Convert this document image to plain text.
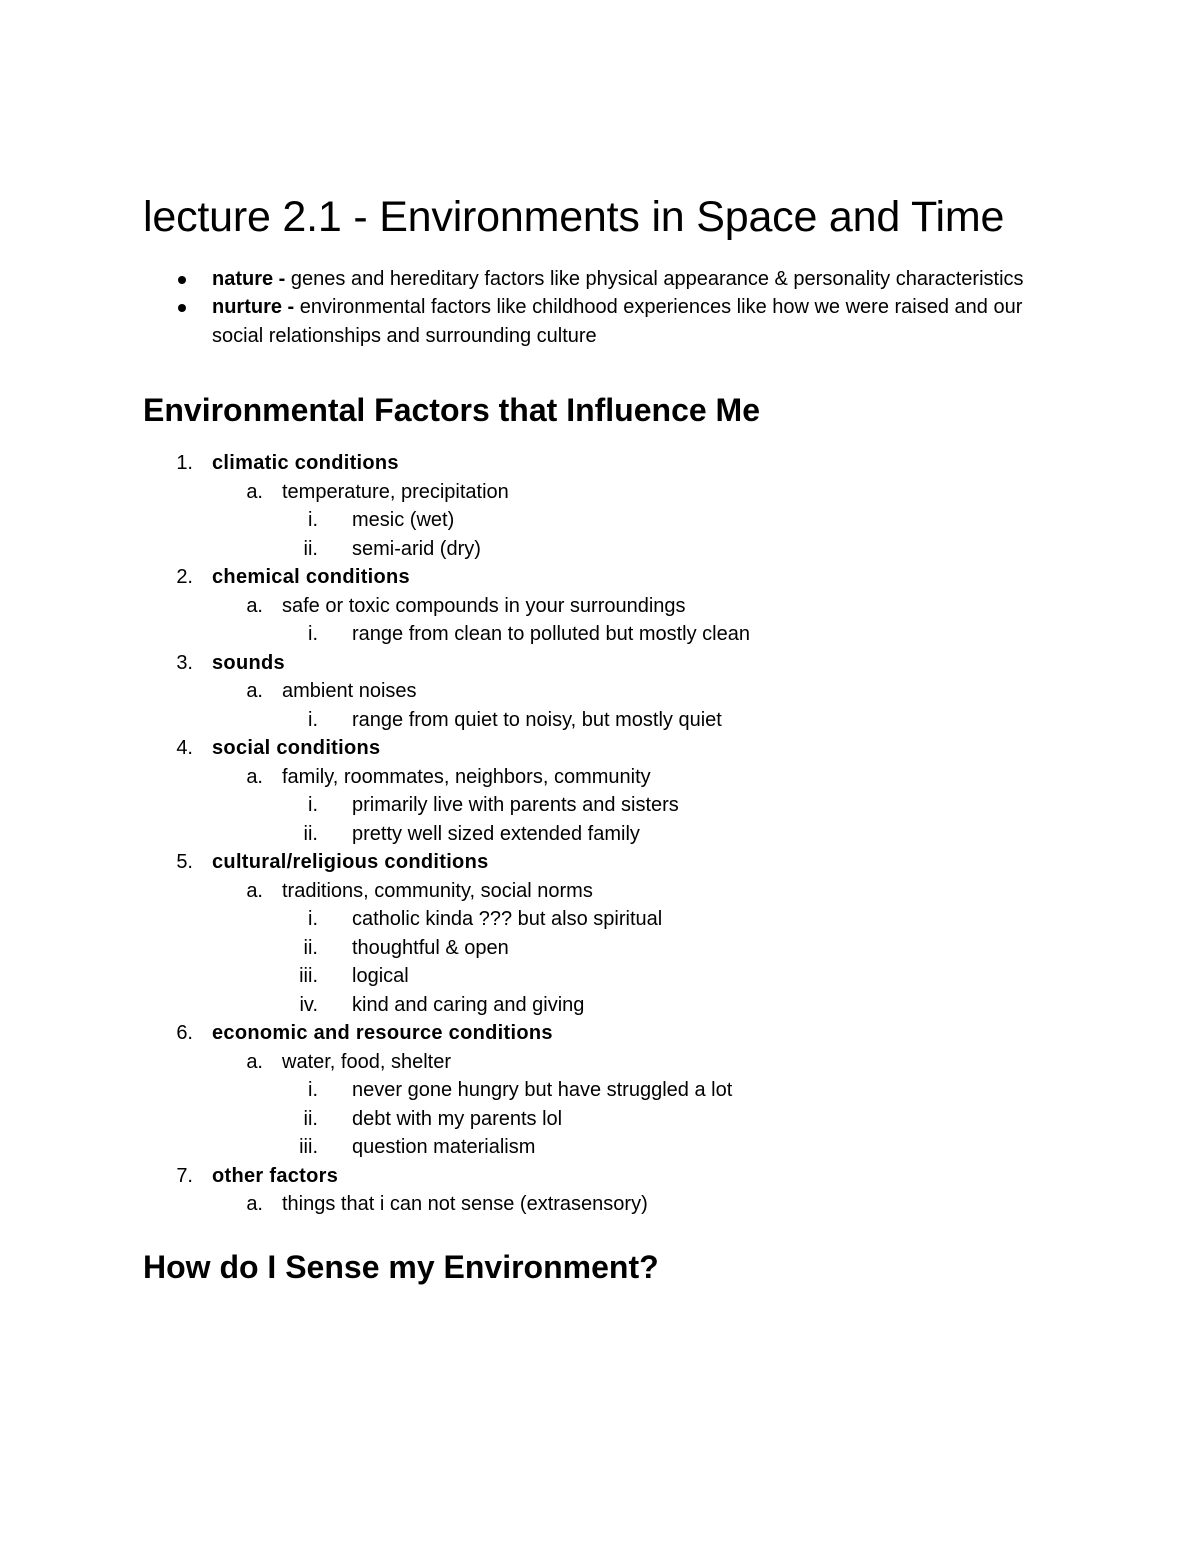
lecture 2.1 - Environments in Space and Time
nature - genes and hereditary factors like physical appearance & personality characteristics
nurture - environmental factors like childhood experiences like how we were raised and our social relationships and surrounding culture
Environmental Factors that Influence Me
1. climatic conditions
a. temperature, precipitation
i. mesic (wet)
ii. semi-arid (dry)
2. chemical conditions
a. safe or toxic compounds in your surroundings
i. range from clean to polluted but mostly clean
3. sounds
a. ambient noises
i. range from quiet to noisy, but mostly quiet
4. social conditions
a. family, roommates, neighbors, community
i. primarily live with parents and sisters
ii. pretty well sized extended family
5. cultural/religious conditions
a. traditions, community, social norms
i. catholic kinda ??? but also spiritual
ii. thoughtful & open
iii. logical
iv. kind and caring and giving
6. economic and resource conditions
a. water, food, shelter
i. never gone hungry but have struggled a lot
ii. debt with my parents lol
iii. question materialism
7. other factors
a. things that i can not sense (extrasensory)
How do I Sense my Environment?
